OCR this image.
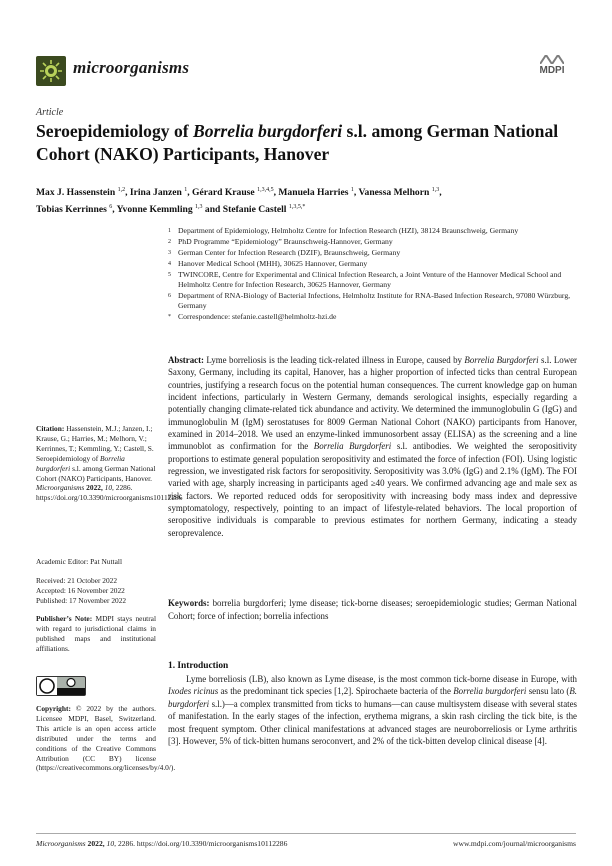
microorganisms	MDPI
Article
Seroepidemiology of Borrelia burgdorferi s.l. among German National Cohort (NAKO) Participants, Hanover
Max J. Hassenstein $^{1,2}$, Irina Janzen $^1$, Gérard Krause $^{1,3,4,5}$, Manuela Harries $^1$, Vanessa Melhorn $^{1,3}$,
Tobias Kerrinnes $^6$, Yvonne Kemmling $^{1,3}$ and Stefanie Castell $^{1,3,5,*}$
1 Department of Epidemiology, Helmholtz Centre for Infection Research (HZI), 38124 Braunschweig, Germany
2 PhD Programme “Epidemiology” Braunschweig-Hannover, Germany
3 German Center for Infection Research (DZIF), Braunschweig, Germany
4 Hanover Medical School (MHH), 30625 Hannover, Germany
5 TWINCORE, Centre for Experimental and Clinical Infection Research, a Joint Venture of the Hannover Medical School and Helmholtz Centre for Infection Research, 30625 Hannover, Germany
6 Department of RNA-Biology of Bacterial Infections, Helmholtz Institute for RNA-Based Infection Research, 97080 Würzburg, Germany
* Correspondence: stefanie.castell@helmholtz-hzi.de
Abstract: Lyme borreliosis is the leading tick-related illness in Europe, caused by Borrelia Burgdorferi s.l. Lower Saxony, Germany, including its capital, Hanover, has a higher proportion of infected ticks than central European countries, justifying a research focus on the potential human consequences. The current knowledge gap on human incident infections, particularly in Western Germany, demands serological insights, especially regarding a potentially changing climate-related tick abundance and activity. We determined the immunoglobulin G (IgG) and immunoglobulin M (IgM) serostatuses for 8009 German National Cohort (NAKO) participants from Hanover, examined in 2014–2018. We used an enzyme-linked immunosorbent assay (ELISA) as the screening and a line immunoblot as confirmation for the Borrelia Burgdorferi s.l. antibodies. We weighted the seropositivity proportions to estimate general population seropositivity and estimated the force of infection (FOI). Using logistic regression, we investigated risk factors for seropositivity. Seropositivity was 3.0% (IgG) and 2.1% (IgM). The FOI varied with age, sharply increasing in participants aged ≥40 years. We confirmed advancing age and male sex as risk factors. We reported reduced odds for seropositivity with increasing body mass index and depressive symptomatology, respectively, pointing to an impact of lifestyle-related behaviors. The local proportion of seropositive individuals is comparable to previous estimates for northern Germany, indicating a steady seroprevalence.
Keywords: borrelia burgdorferi; lyme disease; tick-borne diseases; seroepidemiologic studies; German National Cohort; force of infection; borrelia infections
Citation: Hassenstein, M.J.; Janzen, I.; Krause, G.; Harries, M.; Melhorn, V.; Kerrinnes, T.; Kemmling, Y.; Castell, S. Seroepidemiology of Borrelia burgdorferi s.l. among German National Cohort (NAKO) Participants, Hanover. Microorganisms 2022, 10, 2286. https://doi.org/10.3390/microorganisms10112286
Academic Editor: Pat Nuttall
Received: 21 October 2022
Accepted: 16 November 2022
Published: 17 November 2022
Publisher’s Note: MDPI stays neutral with regard to jurisdictional claims in published maps and institutional affiliations.
Copyright: © 2022 by the authors. Licensee MDPI, Basel, Switzerland. This article is an open access article distributed under the terms and conditions of the Creative Commons Attribution (CC BY) license (https://creativecommons.org/licenses/by/4.0/).
1. Introduction
Lyme borreliosis (LB), also known as Lyme disease, is the most common tick-borne disease in Europe, with Ixodes ricinus as the predominant tick species [1,2]. Spirochaete bacteria of the Borrelia burgdorferi sensu lato (B. burgdorferi s.l.)—a complex transmitted from ticks to humans—can cause multisystem disease with several states of manifestation. In the early stages of the infection, erythema migrans, a skin rash circling the tick bite, is the most frequent symptom. Other clinical manifestations at advanced stages are neuroborreliosis or Lyme arthritis [3]. However, 5% of tick-bitten humans seroconvert, and 2% of the tick-bitten develop clinical disease [4].
Microorganisms 2022, 10, 2286. https://doi.org/10.3390/microorganisms10112286	www.mdpi.com/journal/microorganisms
